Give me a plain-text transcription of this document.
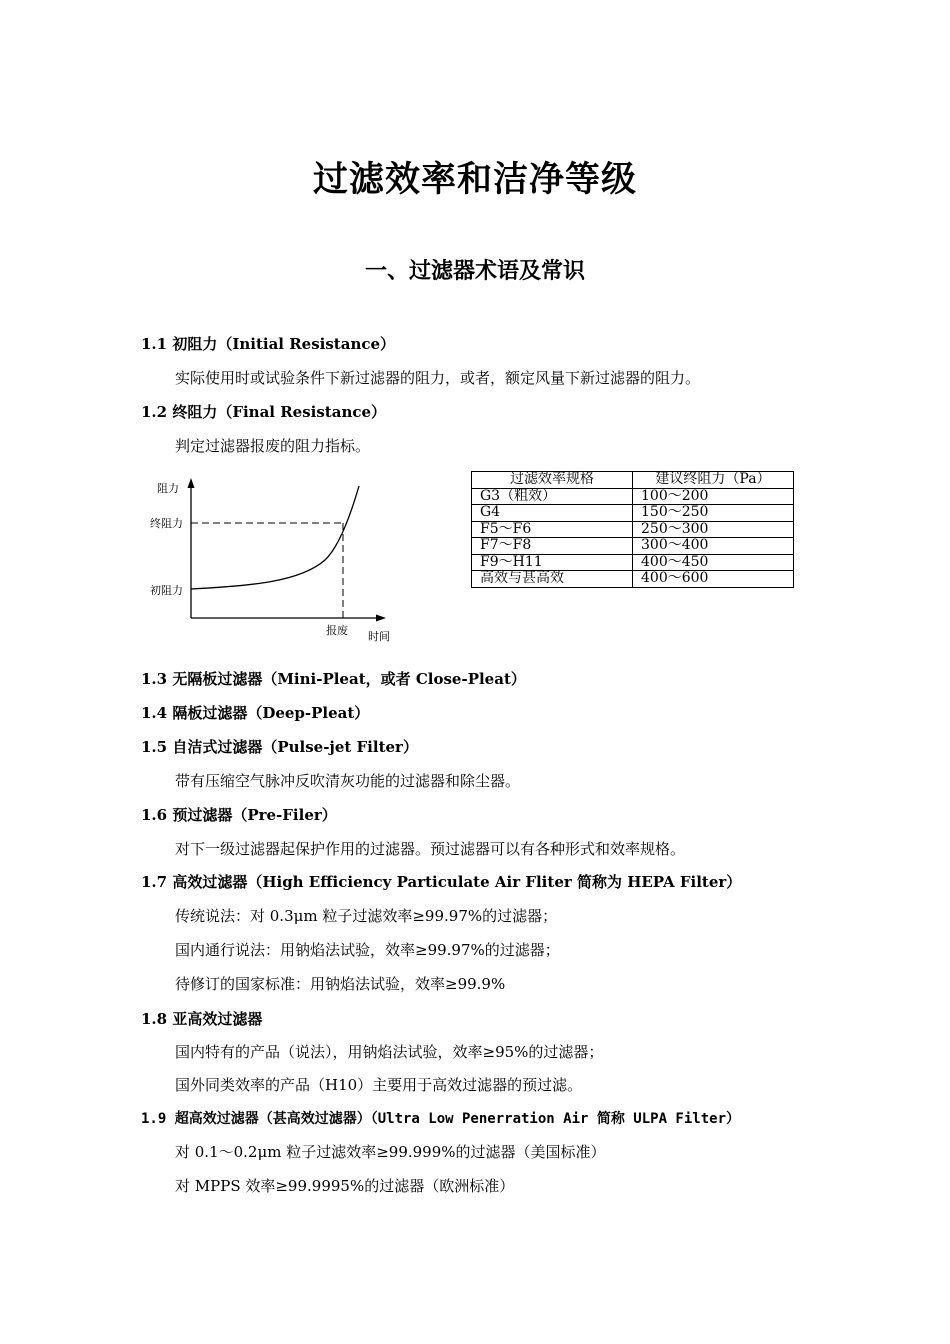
过滤效率和洁净等级
一、过滤器术语及常识
1.1 初阻力（Initial Resistance）
实际使用时或试验条件下新过滤器的阻力，或者，额定风量下新过滤器的阻力。
1.2 终阻力（Final Resistance）
判定过滤器报废的阻力指标。
阻力
终阻力
初阻力
报废 时间
过滤效率规格	建议终阻力（Pa）
G3（粗效）	100～200
G4	150～250
F5～F6	250～300
F7～F8	300～400
F9～H11	400～450
高效与甚高效	400～600
1.3 无隔板过滤器（Mini-Pleat，或者 Close-Pleat）
1.4 隔板过滤器（Deep-Pleat）
1.5 自洁式过滤器（Pulse-jet Filter）
带有压缩空气脉冲反吹清灰功能的过滤器和除尘器。
1.6 预过滤器（Pre-Filer）
对下一级过滤器起保护作用的过滤器。预过滤器可以有各种形式和效率规格。
1.7 高效过滤器（High Efficiency Particulate Air Fliter 简称为 HEPA Filter）
传统说法：对 0.3μm 粒子过滤效率≥99.97%的过滤器；
国内通行说法：用钠焰法试验，效率≥99.97%的过滤器；
待修订的国家标准：用钠焰法试验，效率≥99.9%
1.8 亚高效过滤器
国内特有的产品（说法），用钠焰法试验，效率≥95%的过滤器；
国外同类效率的产品（H10）主要用于高效过滤器的预过滤。
1.9 超高效过滤器（甚高效过滤器）（Ultra Low Penerration Air 简称 ULPA Filter）
对 0.1～0.2μm 粒子过滤效率≥99.999%的过滤器（美国标准）
对 MPPS 效率≥99.9995%的过滤器（欧洲标准）
